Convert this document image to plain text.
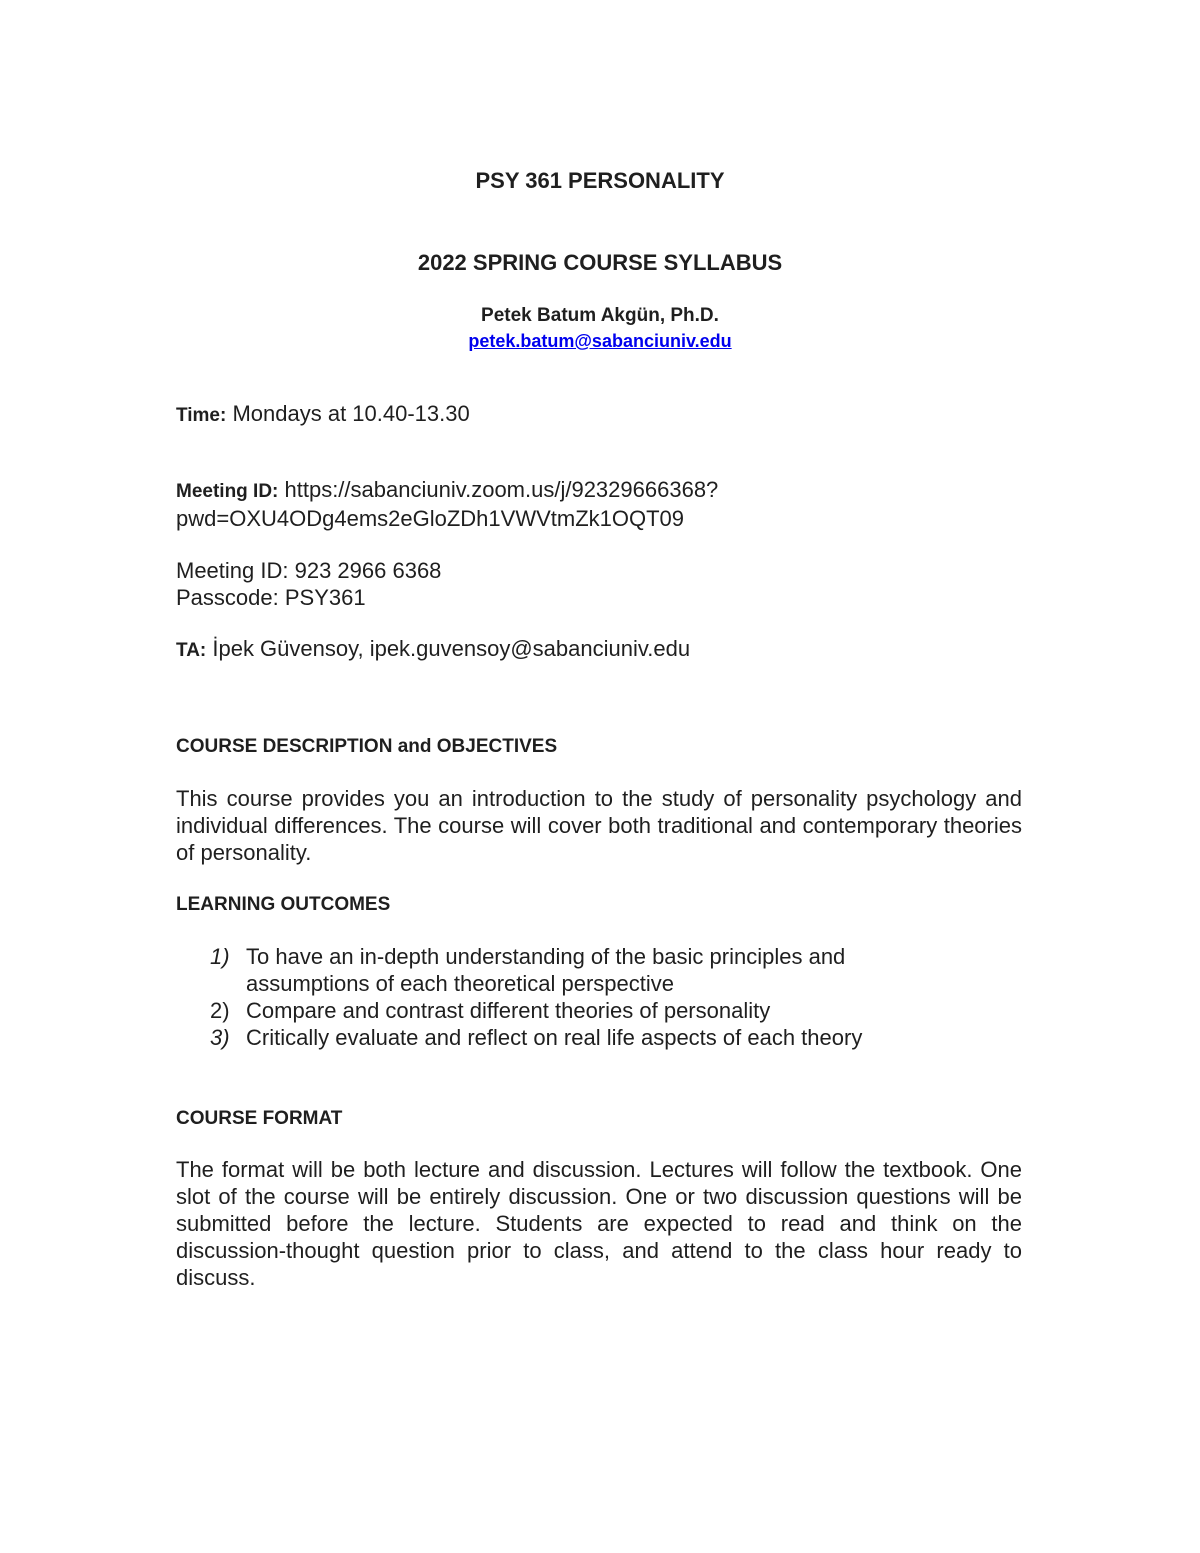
PSY 361 PERSONALITY
2022 SPRING COURSE SYLLABUS
Petek Batum Akgün, Ph.D.
petek.batum@sabanciuniv.edu
Time: Mondays at 10.40-13.30
Meeting ID: https://sabanciuniv.zoom.us/j/92329666368?
pwd=OXU4ODg4ems2eGloZDh1VWVtmZk1OQT09
Meeting ID: 923 2966 6368
Passcode: PSY361
TA: İpek Güvensoy, ipek.guvensoy@sabanciuniv.edu
COURSE DESCRIPTION and OBJECTIVES
This course provides you an introduction to the study of personality psychology and individual differences. The course will cover both traditional and contemporary theories of personality.
LEARNING OUTCOMES
1) To have an in-depth understanding of the basic principles and assumptions of each theoretical perspective
2) Compare and contrast different theories of personality
3) Critically evaluate and reflect on real life aspects of each theory
COURSE FORMAT
The format will be both lecture and discussion. Lectures will follow the textbook. One slot of the course will be entirely discussion. One or two discussion questions will be submitted before the lecture. Students are expected to read and think on the discussion-thought question prior to class, and attend to the class hour ready to discuss.
